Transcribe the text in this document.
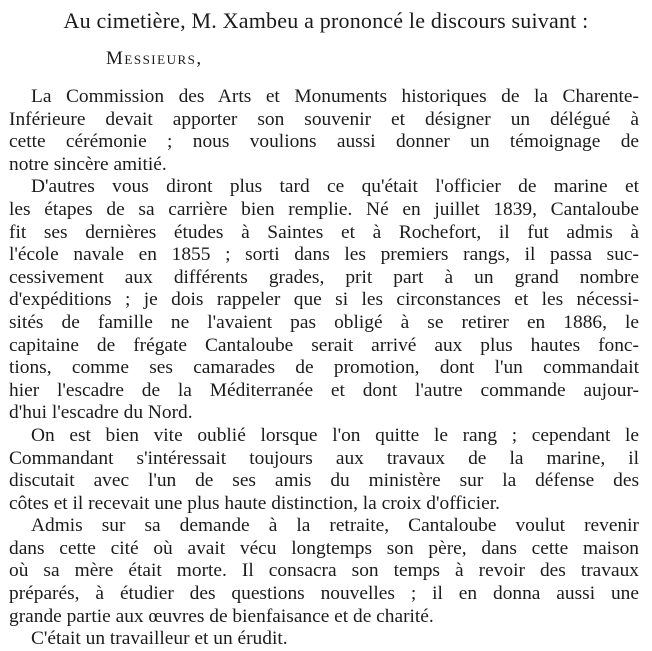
Au cimetière, M. Xambeu a prononcé le discours suivant :
Messieurs,
La Commission des Arts et Monuments historiques de la Charente-
Inférieure devait apporter son souvenir et désigner un délégué à
cette cérémonie ; nous voulions aussi donner un témoignage de
notre sincère amitié.
D'autres vous diront plus tard ce qu'était l'officier de marine et
les étapes de sa carrière bien remplie. Né en juillet 1839, Cantaloube
fit ses dernières études à Saintes et à Rochefort, il fut admis à
l'école navale en 1855 ; sorti dans les premiers rangs, il passa suc-
cessivement aux différents grades, prit part à un grand nombre
d'expéditions ; je dois rappeler que si les circonstances et les nécessi-
sités de famille ne l'avaient pas obligé à se retirer en 1886, le
capitaine de frégate Cantaloube serait arrivé aux plus hautes fonc-
tions, comme ses camarades de promotion, dont l'un commandait
hier l'escadre de la Méditerranée et dont l'autre commande aujour-
d'hui l'escadre du Nord.
On est bien vite oublié lorsque l'on quitte le rang ; cependant le
Commandant s'intéressait toujours aux travaux de la marine, il
discutait avec l'un de ses amis du ministère sur la défense des
côtes et il recevait une plus haute distinction, la croix d'officier.
Admis sur sa demande à la retraite, Cantaloube voulut revenir
dans cette cité où avait vécu longtemps son père, dans cette maison
où sa mère était morte. Il consacra son temps à revoir des travaux
préparés, à étudier des questions nouvelles ; il en donna aussi une
grande partie aux œuvres de bienfaisance et de charité.
C'était un travailleur et un érudit.
